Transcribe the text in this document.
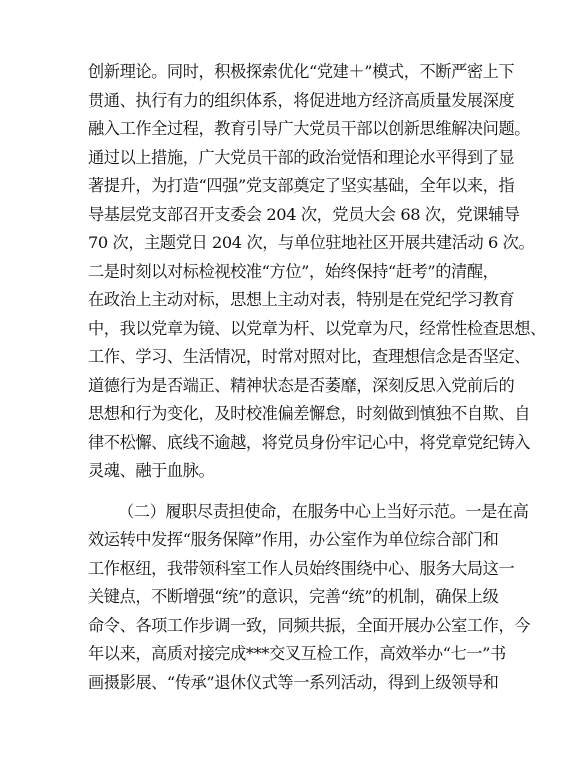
创新理论。同时，积极探索优化“党建＋”模式，不断严密上下
贯通、执行有力的组织体系，将促进地方经济高质量发展深度
融入工作全过程，教育引导广大党员干部以创新思维解决问题。
通过以上措施，广大党员干部的政治觉悟和理论水平得到了显
著提升，为打造“四强”党支部奠定了坚实基础，全年以来，指
导基层党支部召开支委会 204 次，党员大会 68 次，党课辅导
70 次，主题党日 204 次，与单位驻地社区开展共建活动 6 次。
二是时刻以对标检视校准“方位”，始终保持“赶考”的清醒，
在政治上主动对标，思想上主动对表，特别是在党纪学习教育
中，我以党章为镜、以党章为杆、以党章为尺，经常性检查思想、
工作、学习、生活情况，时常对照对比，查理想信念是否坚定、
道德行为是否端正、精神状态是否萎靡，深刻反思入党前后的
思想和行为变化，及时校准偏差懈怠，时刻做到慎独不自欺、自
律不松懈、底线不逾越，将党员身份牢记心中，将党章党纪铸入
灵魂、融于血脉。
（二）履职尽责担使命，在服务中心上当好示范。一是在高
效运转中发挥“服务保障”作用，办公室作为单位综合部门和
工作枢纽，我带领科室工作人员始终围绕中心、服务大局这一
关键点，不断增强“统”的意识，完善“统”的机制，确保上级
命令、各项工作步调一致，同频共振，全面开展办公室工作，今
年以来，高质对接完成***交叉互检工作，高效举办“七一”书
画摄影展、“传承”退休仪式等一系列活动，得到上级领导和
